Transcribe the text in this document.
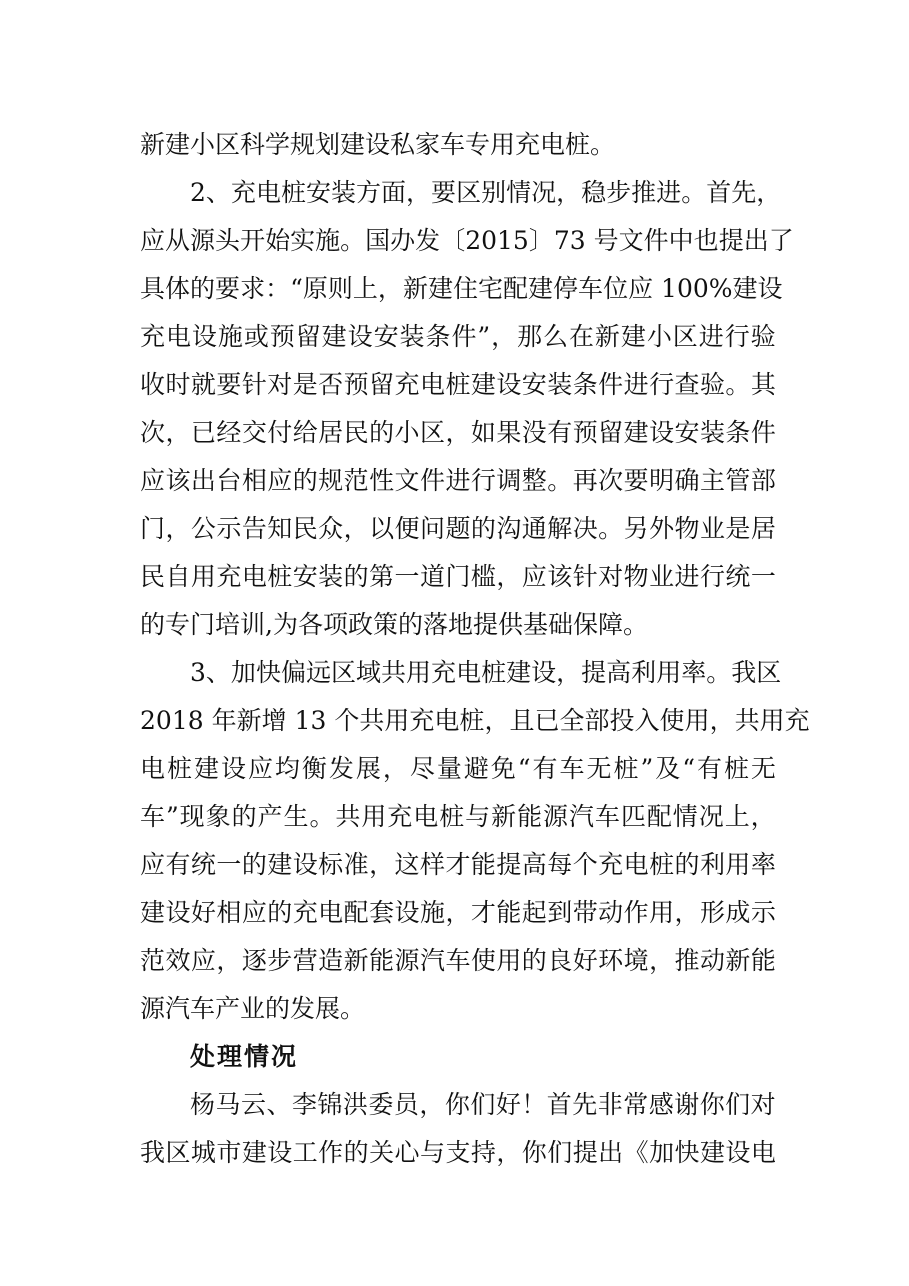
新建小区科学规划建设私家车专用充电桩。
2 、 充 电 桩 安 装 方 面 ， 要 区 别 情 况 ， 稳 步 推 进 。 首 先 ，
应 从 源 头 开 始 实 施 。 国 办 发 〔 2 0 1 5 〕 7 3
号 文 件 中 也 提 出 了
具 体 的 要 求 ： “ 原 则 上 ， 新 建 住 宅 配 建 停 车 位 应
1 0 0 % 建 设
充 电 设 施 或 预 留 建 设 安 装 条 件 ” ， 那 么 在 新 建 小 区 进 行 验
收 时 就 要 针 对 是 否 预 留 充 电 桩 建 设 安 装 条 件 进 行 查 验 。 其
次 ， 已 经 交 付 给 居 民 的 小 区 ， 如 果 没 有 预 留 建 设 安 装 条 件
应 该 出 台 相 应 的 规 范 性 文 件 进 行 调 整 。 再 次 要 明 确 主 管 部
门 ， 公 示 告 知 民 众 ， 以 便 问 题 的 沟 通 解 决 。 另 外 物 业 是 居
民 自 用 充 电 桩 安 装 的 第 一 道 门 槛 ， 应 该 针 对 物 业 进 行 统 一
的专门培训,为各项政策的落地提供基础保障。
3 、 加 快 偏 远 区 域 共 用 充 电 桩 建 设 ， 提 高 利 用 率 。 我 区
2 0 1 8
年 新 增
1 3
个 共 用 充 电 桩 ， 且 已 全 部 投 入 使 用 ， 共 用 充
电 桩 建 设 应 均 衡 发 展 ， 尽 量 避 免 “ 有 车 无 桩 ” 及 “ 有 桩 无
车 ” 现 象 的 产 生 。 共 用 充 电 桩 与 新 能 源 汽 车 匹 配 情 况 上 ，
应 有 统 一 的 建 设 标 准 ， 这 样 才 能 提 高 每 个 充 电 桩 的 利 用 率
建 设 好 相 应 的 充 电 配 套 设 施 ， 才 能 起 到 带 动 作 用 ， 形 成 示
范 效 应 ， 逐 步 营 造 新 能 源 汽 车 使 用 的 良 好 环 境 ， 推 动 新 能
源汽车产业的发展。
处理情况
杨 马 云 、 李 锦 洪 委 员 ， 你 们 好 ！ 首 先 非 常 感 谢 你 们 对
我 区 城 市 建 设 工 作 的 关 心 与 支 持 ， 你 们 提 出 《 加 快 建 设 电
